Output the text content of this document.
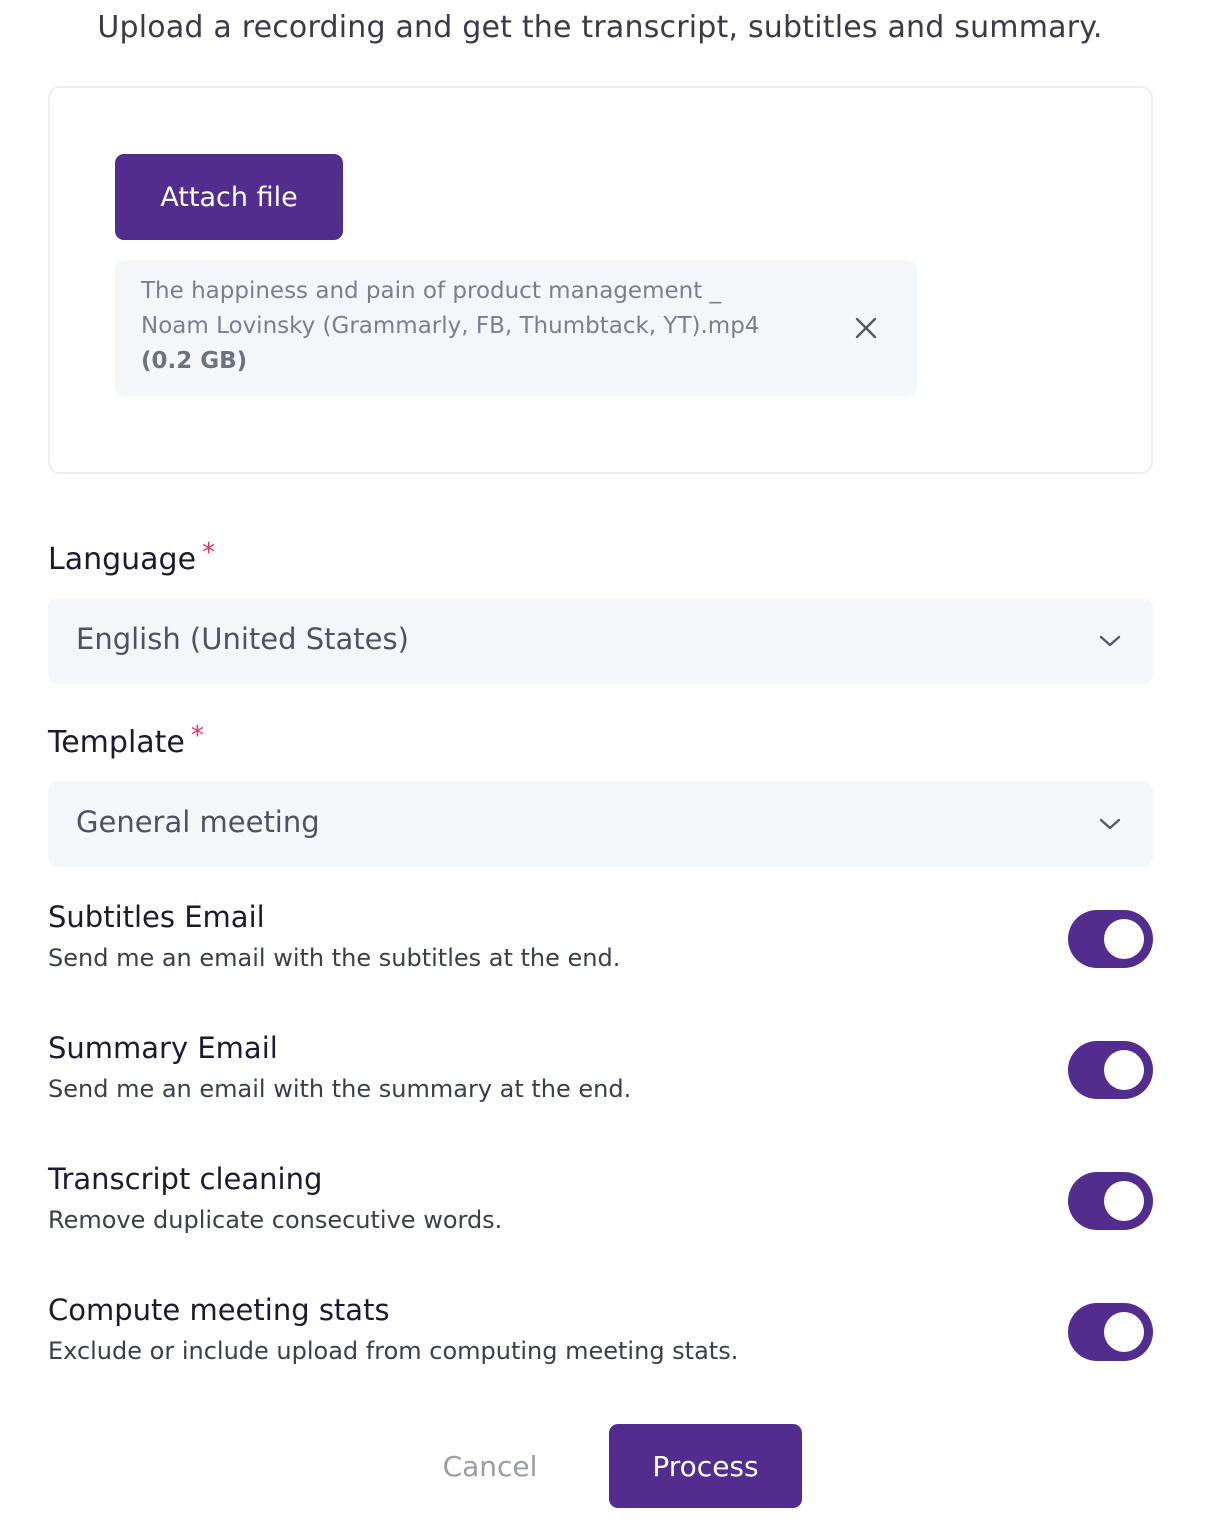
Upload a recording and get the transcript, subtitles and summary.
Attach file
The happiness and pain of product management _ Noam Lovinsky (Grammarly, FB, Thumbtack, YT).mp4 (0.2 GB)
Language *
English (United States)
Template *
General meeting
Subtitles Email
Send me an email with the subtitles at the end.
Summary Email
Send me an email with the summary at the end.
Transcript cleaning
Remove duplicate consecutive words.
Compute meeting stats
Exclude or include upload from computing meeting stats.
Cancel	Process
